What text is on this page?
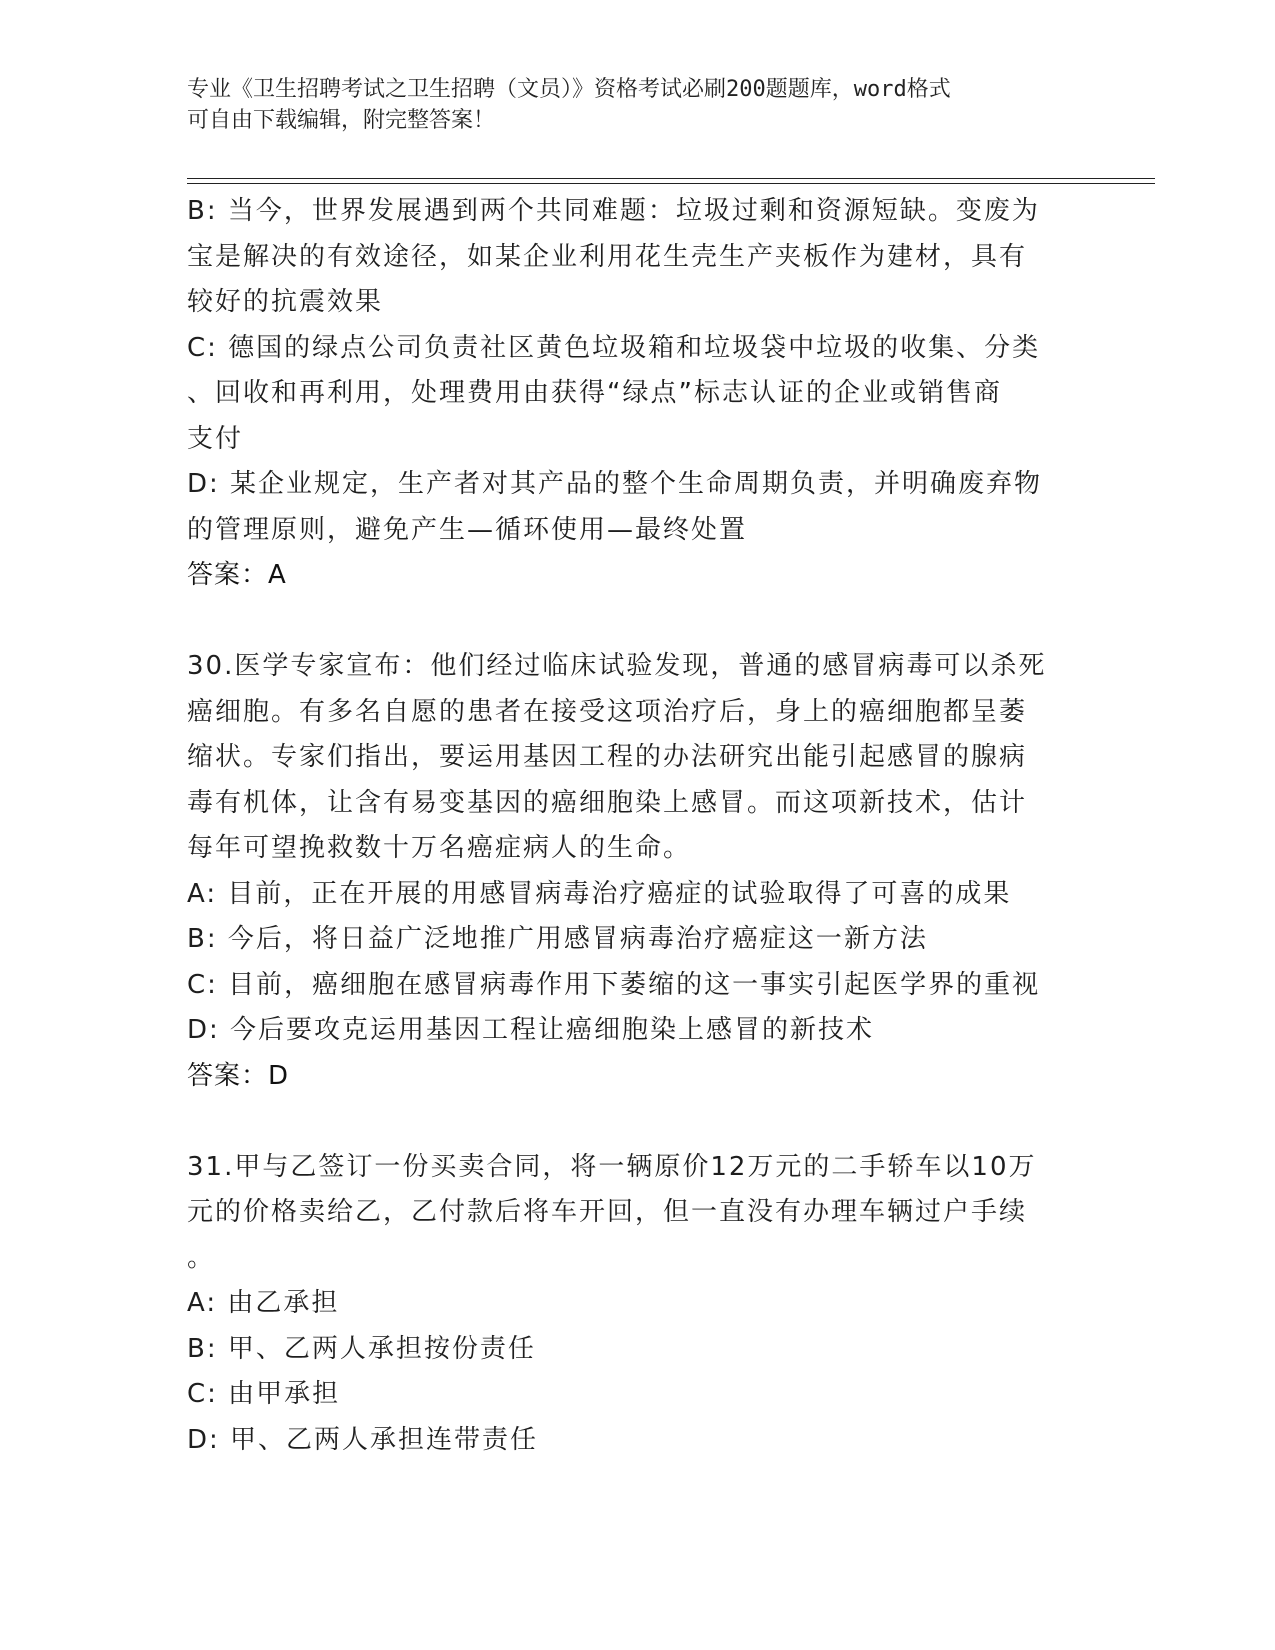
专业《卫生招聘考试之卫生招聘（文员）》资格考试必刷200题题库，word格式
可自由下载编辑，附完整答案！
B: 当今，世界发展遇到两个共同难题：垃圾过剩和资源短缺。变废为
宝是解决的有效途径，如某企业利用花生壳生产夹板作为建材，具有
较好的抗震效果
C: 德国的绿点公司负责社区黄色垃圾箱和垃圾袋中垃圾的收集、分类
、回收和再利用，处理费用由获得“绿点”标志认证的企业或销售商
支付
D: 某企业规定，生产者对其产品的整个生命周期负责，并明确废弃物
的管理原则，避免产生—循环使用—最终处置
答案：A
30.医学专家宣布：他们经过临床试验发现，普通的感冒病毒可以杀死
癌细胞。有多名自愿的患者在接受这项治疗后，身上的癌细胞都呈萎
缩状。专家们指出，要运用基因工程的办法研究出能引起感冒的腺病
毒有机体，让含有易变基因的癌细胞染上感冒。而这项新技术，估计
每年可望挽救数十万名癌症病人的生命。
A: 目前，正在开展的用感冒病毒治疗癌症的试验取得了可喜的成果
B: 今后，将日益广泛地推广用感冒病毒治疗癌症这一新方法
C: 目前，癌细胞在感冒病毒作用下萎缩的这一事实引起医学界的重视
D: 今后要攻克运用基因工程让癌细胞染上感冒的新技术
答案：D
31.甲与乙签订一份买卖合同，将一辆原价12万元的二手轿车以10万
元的价格卖给乙，乙付款后将车开回，但一直没有办理车辆过户手续
。
A: 由乙承担
B: 甲、乙两人承担按份责任
C: 由甲承担
D: 甲、乙两人承担连带责任
